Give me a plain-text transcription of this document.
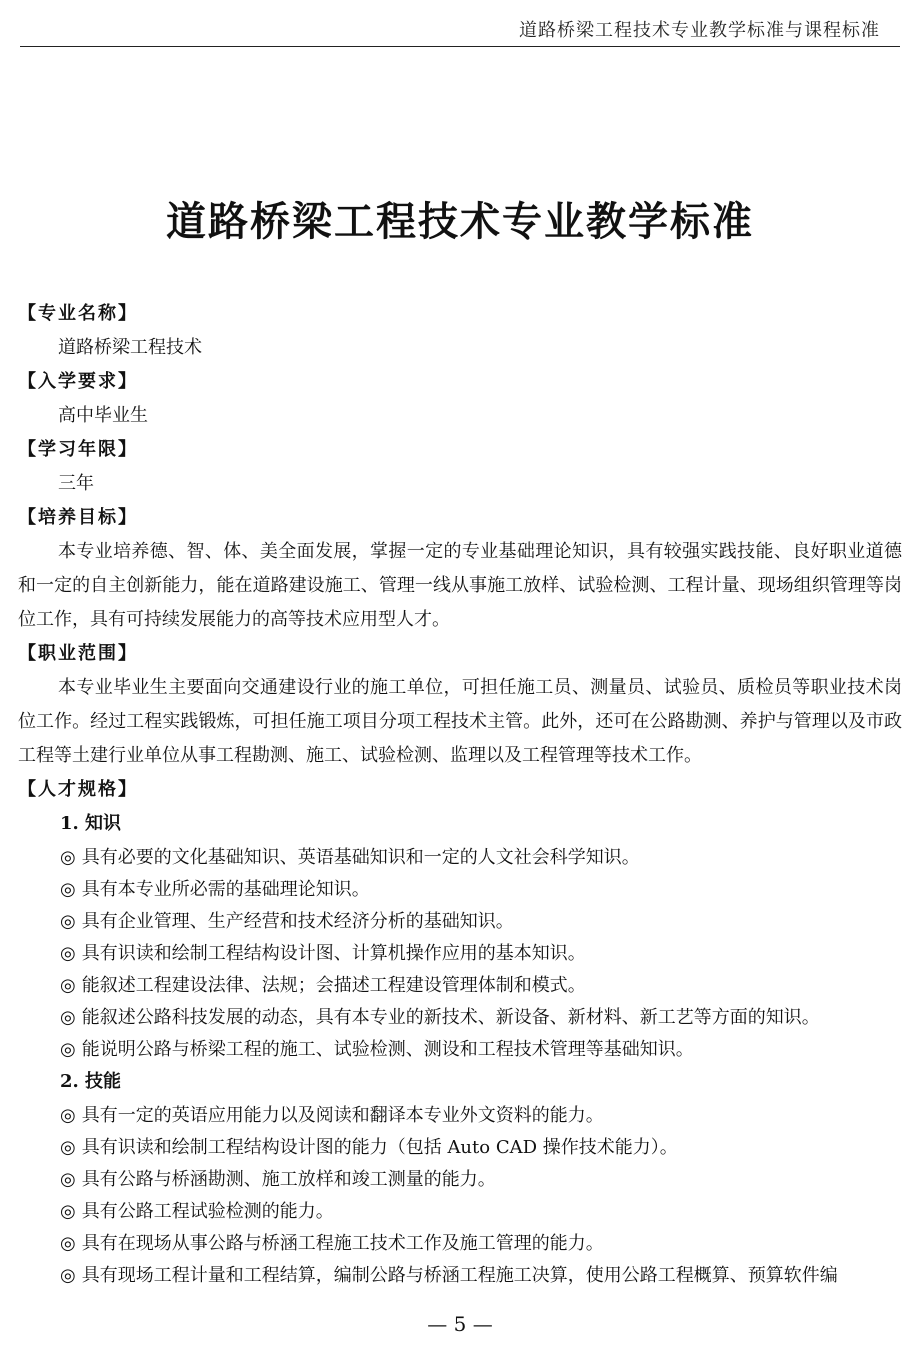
道路桥梁工程技术专业教学标准与课程标准
道路桥梁工程技术专业教学标准
【专业名称】
道路桥梁工程技术
【入学要求】
高中毕业生
【学习年限】
三年
【培养目标】
本专业培养德、智、体、美全面发展，掌握一定的专业基础理论知识，具有较强实践技能、良好职业道德和一定的自主创新能力，能在道路建设施工、管理一线从事施工放样、试验检测、工程计量、现场组织管理等岗位工作，具有可持续发展能力的高等技术应用型人才。
【职业范围】
本专业毕业生主要面向交通建设行业的施工单位，可担任施工员、测量员、试验员、质检员等职业技术岗位工作。经过工程实践锻炼，可担任施工项目分项工程技术主管。此外，还可在公路勘测、养护与管理以及市政工程等土建行业单位从事工程勘测、施工、试验检测、监理以及工程管理等技术工作。
【人才规格】
1. 知识
◎ 具有必要的文化基础知识、英语基础知识和一定的人文社会科学知识。
◎ 具有本专业所必需的基础理论知识。
◎ 具有企业管理、生产经营和技术经济分析的基础知识。
◎ 具有识读和绘制工程结构设计图、计算机操作应用的基本知识。
◎ 能叙述工程建设法律、法规；会描述工程建设管理体制和模式。
◎ 能叙述公路科技发展的动态，具有本专业的新技术、新设备、新材料、新工艺等方面的知识。
◎ 能说明公路与桥梁工程的施工、试验检测、测设和工程技术管理等基础知识。
2. 技能
◎ 具有一定的英语应用能力以及阅读和翻译本专业外文资料的能力。
◎ 具有识读和绘制工程结构设计图的能力（包括 Auto CAD 操作技术能力）。
◎ 具有公路与桥涵勘测、施工放样和竣工测量的能力。
◎ 具有公路工程试验检测的能力。
◎ 具有在现场从事公路与桥涵工程施工技术工作及施工管理的能力。
◎ 具有现场工程计量和工程结算，编制公路与桥涵工程施工决算，使用公路工程概算、预算软件编
— 5 —
